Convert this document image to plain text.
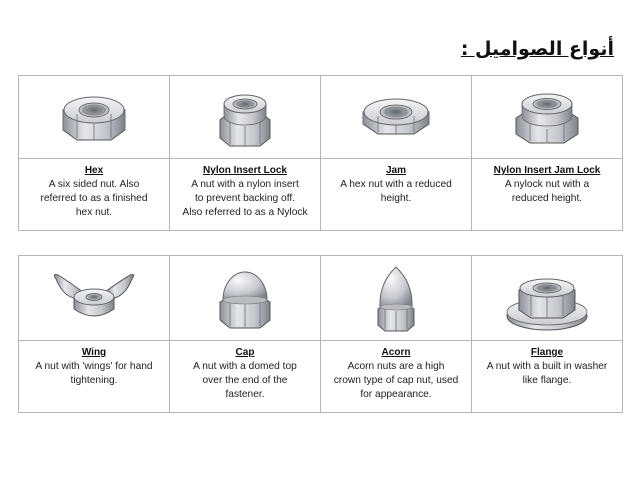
أنواع الصواميل :

Hex
A six sided nut. Also
referred to as a finished
hex nut.	Nylon Insert Lock
A nut with a nylon insert
to prevent backing off.
Also referred to as a Nylock	Jam
A hex nut with a reduced
height.	Nylon Insert Jam Lock
A nylock nut with a
reduced height.

Wing
A nut with 'wings' for hand
tightening.	Cap
A nut with a domed top
over the end of the
fastener.	Acorn
Acorn nuts are a high
crown type of cap nut, used
for appearance.	Flange
A nut with a built in washer
like flange.
